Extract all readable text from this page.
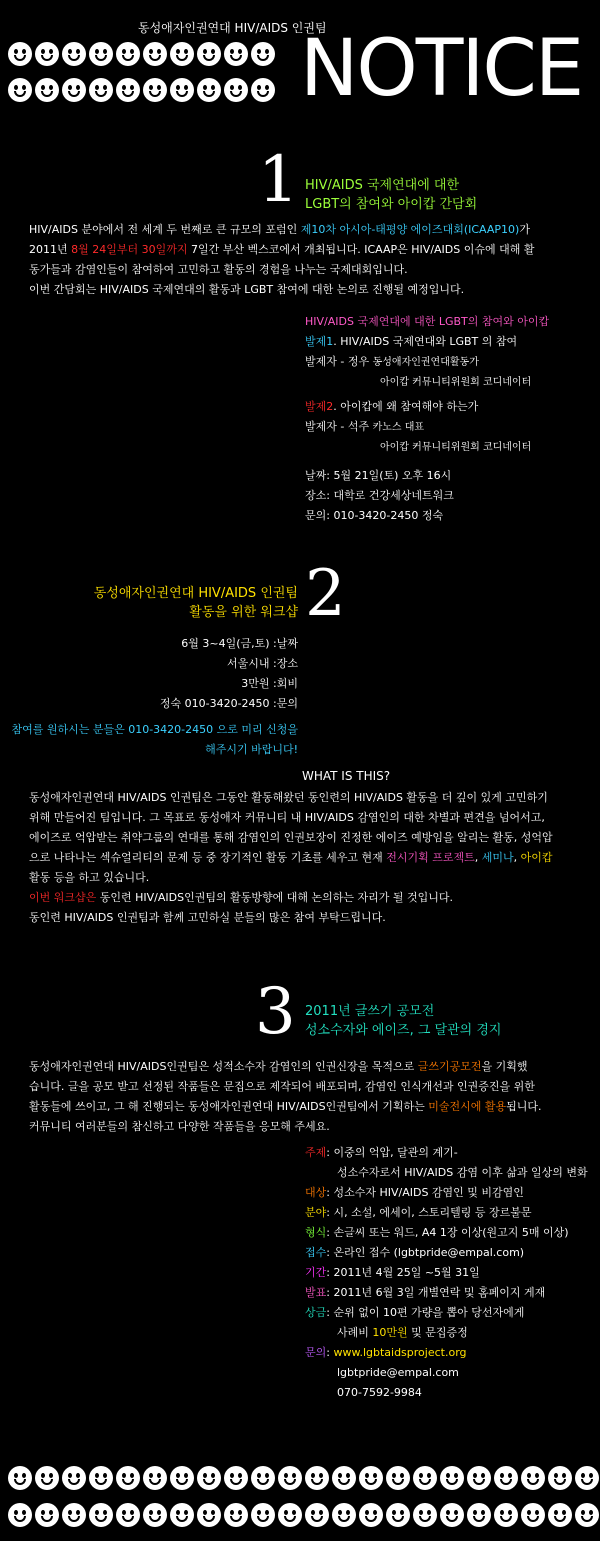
동성애자인권연대 HIV/AIDS 인권팀
NOTICE
1 HIV/AIDS 국제연대에 대한
LGBT의 참여와 아이캅 간담회
HIV/AIDS 분야에서 전 세계 두 번째로 큰 규모의 포럼인 제10차 아시아-태평양 에이즈대회(ICAAP10)가
2011년 8월 24일부터 30일까지 7일간 부산 벡스코에서 개최됩니다. ICAAP은 HIV/AIDS 이슈에 대해 활
동가들과 감염인들이 참여하여 고민하고 활동의 경험을 나누는 국제대회입니다.
이번 간담회는 HIV/AIDS 국제연대의 활동과 LGBT 참여에 대한 논의로 진행될 예정입니다.
HIV/AIDS 국제연대에 대한 LGBT의 참여와 아이캅
발제1. HIV/AIDS 국제연대와 LGBT 의 참여
발제자 - 정우 동성애자인권연대활동가
아이캅 커뮤니티위원회 코디네이터
발제2. 아이캅에 왜 참여해야 하는가
발제자 - 석주 카노스 대표
아이캅 커뮤니티위원회 코디네이터
날짜: 5월 21일(토) 오후 16시
장소: 대학로 건강세상네트워크
문의: 010-3420-2450 정숙
동성애자인권연대 HIV/AIDS 인권팀
활동을 위한 워크샵 2
6월 3~4일(금,토) :날짜
서울시내 :장소
3만원 :회비
정숙 010-3420-2450 :문의
참여를 원하시는 분들은 010-3420-2450 으로 미리 신청을
해주시기 바랍니다!
WHAT IS THIS?
동성애자인권연대 HIV/AIDS 인권팀은 그동안 활동해왔던 동인련의 HIV/AIDS 활동을 더 깊이 있게 고민하기
위해 만들어진 팀입니다. 그 목표로 동성애자 커뮤니티 내 HIV/AIDS 감염인의 대한 차별과 편견을 넘어서고,
에이즈로 억압받는 취약그룹의 연대를 통해 감염인의 인권보장이 진정한 에이즈 예방임을 알리는 활동, 성억압
으로 나타나는 섹슈얼리티의 문제 등 중 장기적인 활동 기초를 세우고 현재 전시기획 프로젝트, 세미나, 아이캅
활동 등을 하고 있습니다.
이번 워크샵은 동인련 HIV/AIDS인권팀의 활동방향에 대해 논의하는 자리가 될 것입니다.
동인련 HIV/AIDS 인권팀과 함께 고민하실 분들의 많은 참여 부탁드립니다.
3 2011년 글쓰기 공모전
성소수자와 에이즈, 그 달관의 경지
동성애자인권연대 HIV/AIDS인권팀은 성적소수자 감염인의 인권신장을 목적으로 글쓰기공모전을 기획했
습니다. 글을 공모 받고 선정된 작품들은 문집으로 제작되어 배포되며, 감염인 인식개선과 인권증진을 위한
활동들에 쓰이고, 그 해 진행되는 동성애자인권연대 HIV/AIDS인권팀에서 기획하는 미술전시에 활용됩니다.
커뮤니티 여러분들의 참신하고 다양한 작품들을 응모해 주세요.
주제: 이중의 억압, 달관의 계기-
성소수자로서 HIV/AIDS 감염 이후 삶과 일상의 변화
대상: 성소수자 HIV/AIDS 감염인 및 비감염인
분야: 시, 소설, 에세이, 스토리텔링 등 장르불문
형식: 손글씨 또는 워드, A4 1장 이상(원고지 5매 이상)
접수: 온라인 접수 (lgbtpride@empal.com)
기간: 2011년 4월 25일 ~5월 31일
발표: 2011년 6월 3일 개별연락 및 홈페이지 게재
상금: 순위 없이 10편 가량을 뽑아 당선자에게
사례비 10만원 및 문집증정
문의: www.lgbtaidsproject.org
lgbtpride@empal.com
070-7592-9984
